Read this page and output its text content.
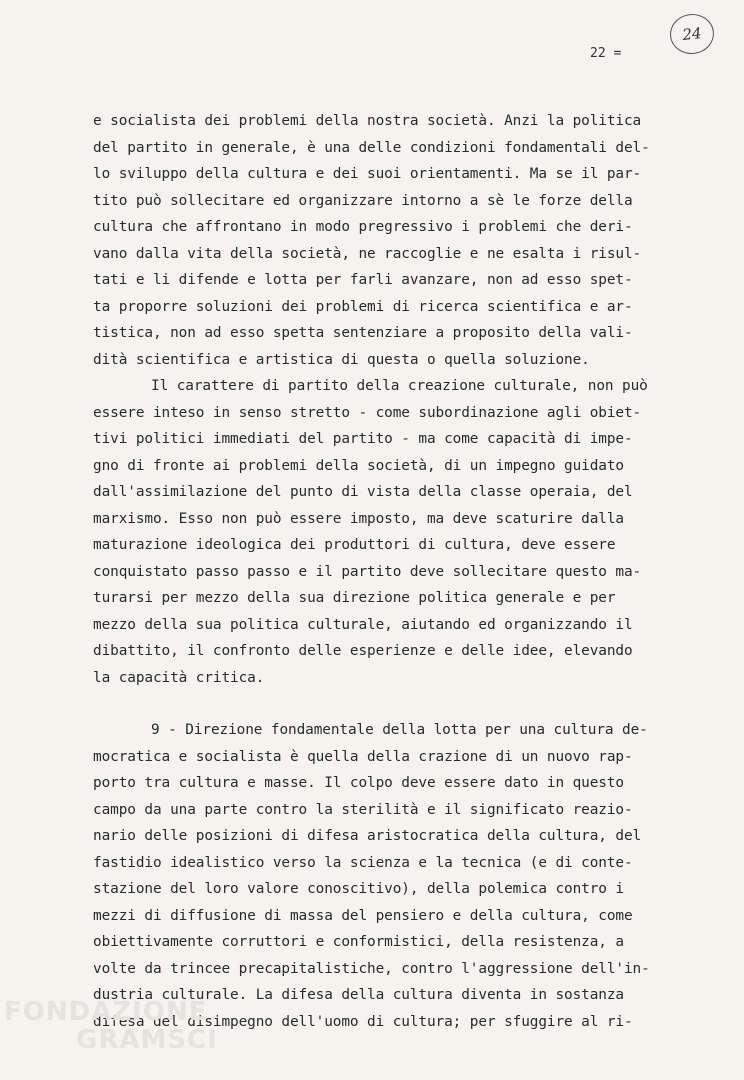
24
22 =
e socialista dei problemi della nostra società. Anzi la politica
del partito in generale, è una delle condizioni fondamentali del-
lo sviluppo della cultura e dei suoi orientamenti. Ma se il par-
tito può sollecitare ed organizzare intorno a sè le forze della
cultura che affrontano in modo pregressivo i problemi che deri-
vano dalla vita della società, ne raccoglie e ne esalta i risul-
tati e li difende e lotta per farli avanzare, non ad esso spet-
ta proporre soluzioni dei problemi di ricerca scientifica e ar-
tistica, non ad esso spetta sentenziare a proposito della vali-
dità scientifica e artistica di questa o quella soluzione.
Il carattere di partito della creazione culturale, non può
essere inteso in senso stretto - come subordinazione agli obiet-
tivi politici immediati del partito - ma come capacità di impe-
gno di fronte ai problemi della società, di un impegno guidato
dall'assimilazione del punto di vista della classe operaia, del
marxismo. Esso non può essere imposto, ma deve scaturire dalla
maturazione ideologica dei produttori di cultura, deve essere
conquistato passo passo e il partito deve sollecitare questo ma-
turarsi per mezzo della sua direzione politica generale e per
mezzo della sua politica culturale, aiutando ed organizzando il
dibattito, il confronto delle esperienze e delle idee, elevando
la capacità critica.
9 - Direzione fondamentale della lotta per una cultura de-
mocratica e socialista è quella della crazione di un nuovo rap-
porto tra cultura e masse. Il colpo deve essere dato in questo
campo da una parte contro la sterilità e il significato reazio-
nario delle posizioni di difesa aristocratica della cultura, del
fastidio idealistico verso la scienza e la tecnica (e di conte-
stazione del loro valore conoscitivo), della polemica contro i
mezzi di diffusione di massa del pensiero e della cultura, come
obiettivamente corruttori e conformistici, della resistenza, a
volte da trincee precapitalistiche, contro l'aggressione dell'in-
dustria culturale. La difesa della cultura diventa in sostanza
difesa del disimpegno dell'uomo di cultura; per sfuggire al ri-
FONDAZIONE
GRAMSCI
